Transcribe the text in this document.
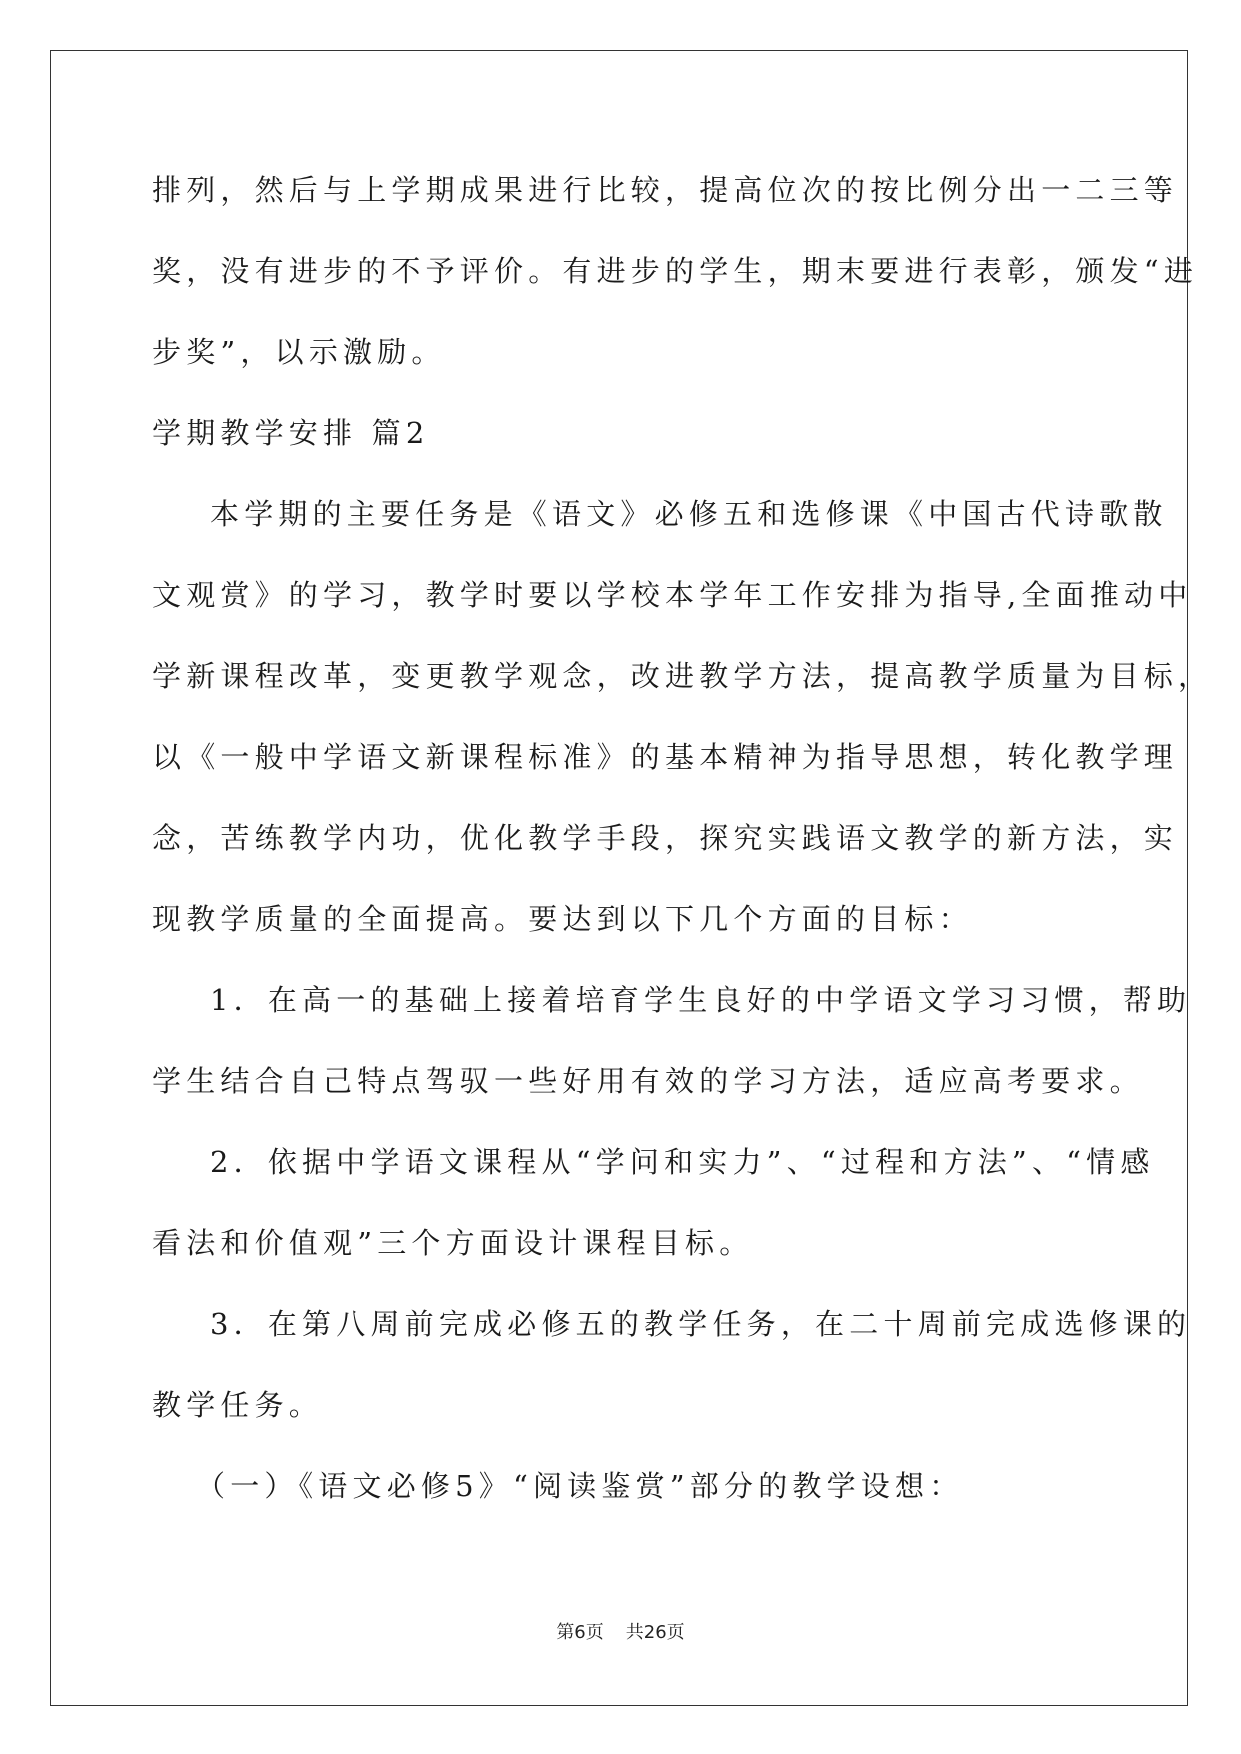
排列，然后与上学期成果进行比较，提高位次的按比例分出一二三等
奖，没有进步的不予评价。有进步的学生，期末要进行表彰，颁发“进
步奖”，以示激励。
学期教学安排 篇2
本学期的主要任务是《语文》必修五和选修课《中国古代诗歌散
文观赏》的学习，教学时要以学校本学年工作安排为指导,全面推动中
学新课程改革，变更教学观念，改进教学方法，提高教学质量为目标，
以《一般中学语文新课程标准》的基本精神为指导思想，转化教学理
念，苦练教学内功，优化教学手段，探究实践语文教学的新方法，实
现教学质量的全面提高。要达到以下几个方面的目标：
1．在高一的基础上接着培育学生良好的中学语文学习习惯，帮助
学生结合自己特点驾驭一些好用有效的学习方法，适应高考要求。
2．依据中学语文课程从“学问和实力”、“过程和方法”、“情感
看法和价值观”三个方面设计课程目标。
3．在第八周前完成必修五的教学任务，在二十周前完成选修课的
教学任务。
（一）《语文必修5》“阅读鉴赏”部分的教学设想：
第6页 共26页
